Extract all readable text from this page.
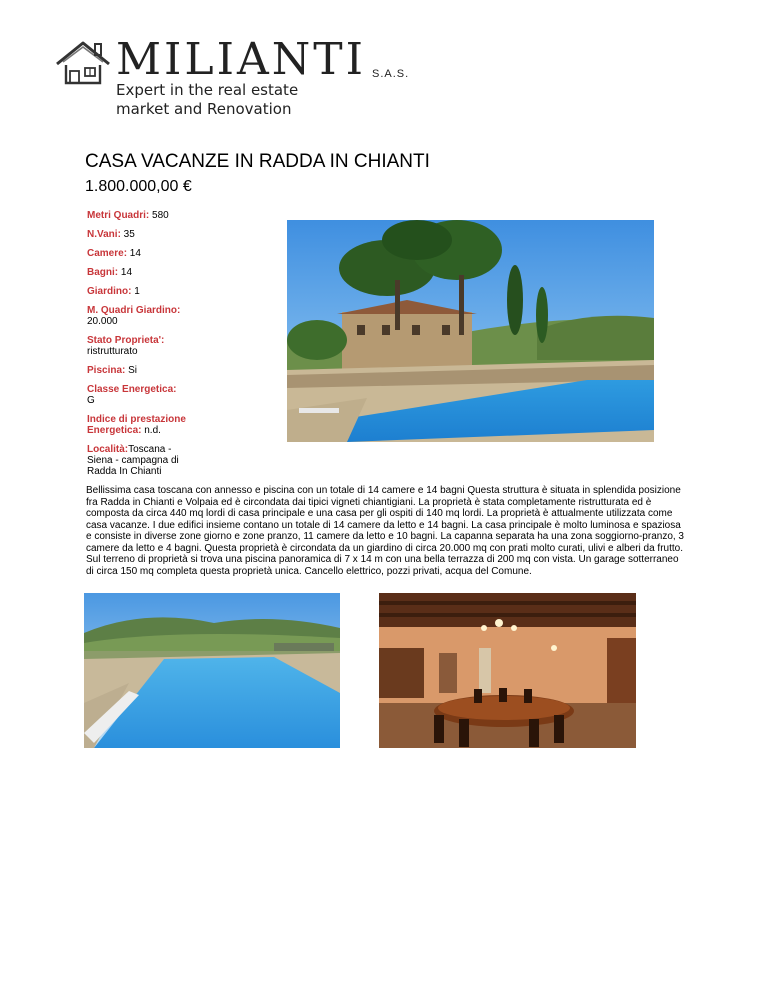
MILIANTI S.A.S.
Expert in the real estate
market and Renovation
CASA VACANZE IN RADDA IN CHIANTI
1.800.000,00 €
Metri Quadri: 580
N.Vani: 35
Camere: 14
Bagni: 14
Giardino: 1
M. Quadri Giardino: 20.000
Stato Proprieta': ristrutturato
Piscina: Si
Classe Energetica:
G
Indice di prestazione Energetica: n.d.
Località:Toscana - Siena - campagna di Radda In Chianti
Bellissima casa toscana con annesso e piscina con un totale di 14 camere e 14 bagni Questa struttura è situata in splendida posizione fra Radda in Chianti e Volpaia ed è circondata dai tipici vigneti chiantigiani. La proprietà è stata completamente ristrutturata ed è composta da circa 440 mq lordi di casa principale e una casa per gli ospiti di 140 mq lordi. La proprietà è attualmente utilizzata come casa vacanze. I due edifici insieme contano un totale di 14 camere da letto e 14 bagni. La casa principale è molto luminosa e spaziosa e consiste in diverse zone giorno e zone pranzo, 11 camere da letto e 10 bagni. La capanna separata ha una zona soggiorno-pranzo, 3 camere da letto e 4 bagni. Questa proprietà è circondata da un giardino di circa 20.000 mq con prati molto curati, ulivi e alberi da frutto. Sul terreno di proprietà si trova una piscina panoramica di 7 x 14 m con una bella terrazza di 200 mq con vista. Un garage sotterraneo di circa 150 mq completa questa proprietà unica. Cancello elettrico, pozzi privati, acqua del Comune.
